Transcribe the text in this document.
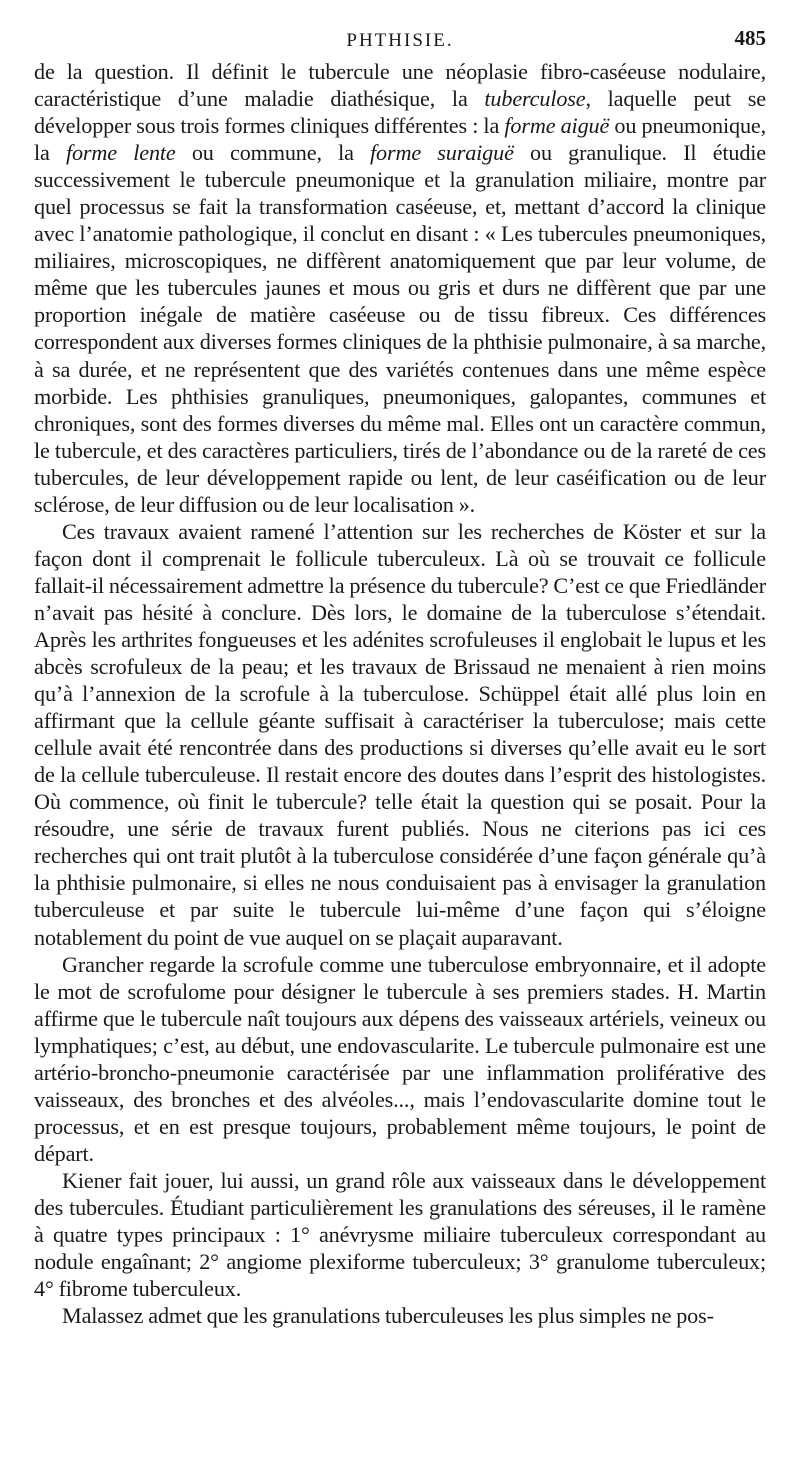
PHTHISIE.	485

de la question. Il définit le tubercule une néoplasie fibro-caséeuse nodulaire, caractéristique d’une maladie diathésique, la tuberculose, laquelle peut se développer sous trois formes cliniques différentes : la forme aiguë ou pneumonique, la forme lente ou commune, la forme suraiguë ou granulique. Il étudie successivement le tubercule pneumonique et la granulation miliaire, montre par quel processus se fait la transformation caséeuse, et, mettant d’accord la clinique avec l’anatomie pathologique, il conclut en disant : « Les tubercules pneumoniques, miliaires, microscopiques, ne diffèrent anatomiquement que par leur volume, de même que les tubercules jaunes et mous ou gris et durs ne diffèrent que par une proportion inégale de matière caséeuse ou de tissu fibreux. Ces différences correspondent aux diverses formes cliniques de la phthisie pulmonaire, à sa marche, à sa durée, et ne représentent que des variétés contenues dans une même espèce morbide. Les phthisies granuliques, pneumoniques, galopantes, communes et chroniques, sont des formes diverses du même mal. Elles ont un caractère commun, le tubercule, et des caractères particuliers, tirés de l’abondance ou de la rareté de ces tubercules, de leur développement rapide ou lent, de leur caséification ou de leur sclérose, de leur diffusion ou de leur localisation ».

Ces travaux avaient ramené l’attention sur les recherches de Köster et sur la façon dont il comprenait le follicule tuberculeux. Là où se trouvait ce follicule fallait-il nécessairement admettre la présence du tubercule? C’est ce que Friedländer n’avait pas hésité à conclure. Dès lors, le domaine de la tuberculose s’étendait. Après les arthrites fongueuses et les adénites scrofuleuses il englobait le lupus et les abcès scrofuleux de la peau; et les travaux de Brissaud ne menaient à rien moins qu’à l’annexion de la scrofule à la tuberculose. Schüppel était allé plus loin en affirmant que la cellule géante suffisait à caractériser la tuberculose; mais cette cellule avait été rencontrée dans des productions si diverses qu’elle avait eu le sort de la cellule tuberculeuse. Il restait encore des doutes dans l’esprit des histologistes. Où commence, où finit le tubercule? telle était la question qui se posait. Pour la résoudre, une série de travaux furent publiés. Nous ne citerions pas ici ces recherches qui ont trait plutôt à la tuberculose considérée d’une façon générale qu’à la phthisie pulmonaire, si elles ne nous conduisaient pas à envisager la granulation tuberculeuse et par suite le tubercule lui-même d’une façon qui s’éloigne notablement du point de vue auquel on se plaçait auparavant.

Grancher regarde la scrofule comme une tuberculose embryonnaire, et il adopte le mot de scrofulome pour désigner le tubercule à ses premiers stades. H. Martin affirme que le tubercule naît toujours aux dépens des vaisseaux artériels, veineux ou lymphatiques; c’est, au début, une endovascularite. Le tubercule pulmonaire est une artério-broncho-pneumonie caractérisée par une inflammation proliférative des vaisseaux, des bronches et des alvéoles..., mais l’endovascularite domine tout le processus, et en est presque toujours, probablement même toujours, le point de départ.

Kiener fait jouer, lui aussi, un grand rôle aux vaisseaux dans le développement des tubercules. Étudiant particulièrement les granulations des séreuses, il le ramène à quatre types principaux : 1° anévrysme miliaire tuberculeux correspondant au nodule engaînant; 2° angiome plexiforme tuberculeux; 3° granulome tuberculeux; 4° fibrome tuberculeux.

Malassez admet que les granulations tuberculeuses les plus simples ne pos-
